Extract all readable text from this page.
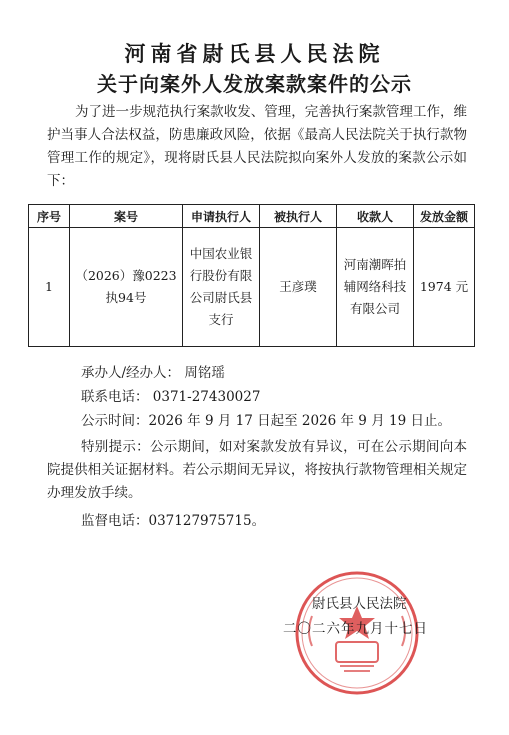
河南省尉氏县人民法院
关于向案外人发放案款案件的公示
为了进一步规范执行案款收发、管理，完善执行案款管理工作，维护当事人合法权益，防患廉政风险，依据《最高人民法院关于执行款物管理工作的规定》，现将尉氏县人民法院拟向案外人发放的案款公示如下：
序号	案号	申请执行人	被执行人	收款人	发放金额
1	（2026）豫0223执94号	中国农业银行股份有限公司尉氏县支行	王彦璞	河南潮晖拍辅网络科技有限公司	1974 元
承办人/经办人： 周铭瑶
联系电话： 0371-27430027
公示时间：2026 年 9 月 17 日起至 2026 年 9 月 19 日止。
特别提示：公示期间，如对案款发放有异议，可在公示期间向本院提供相关证据材料。若公示期间无异议，将按执行款物管理相关规定办理发放手续。
监督电话：037127975715。
尉氏县人民法院
二〇二六年九月十七日
